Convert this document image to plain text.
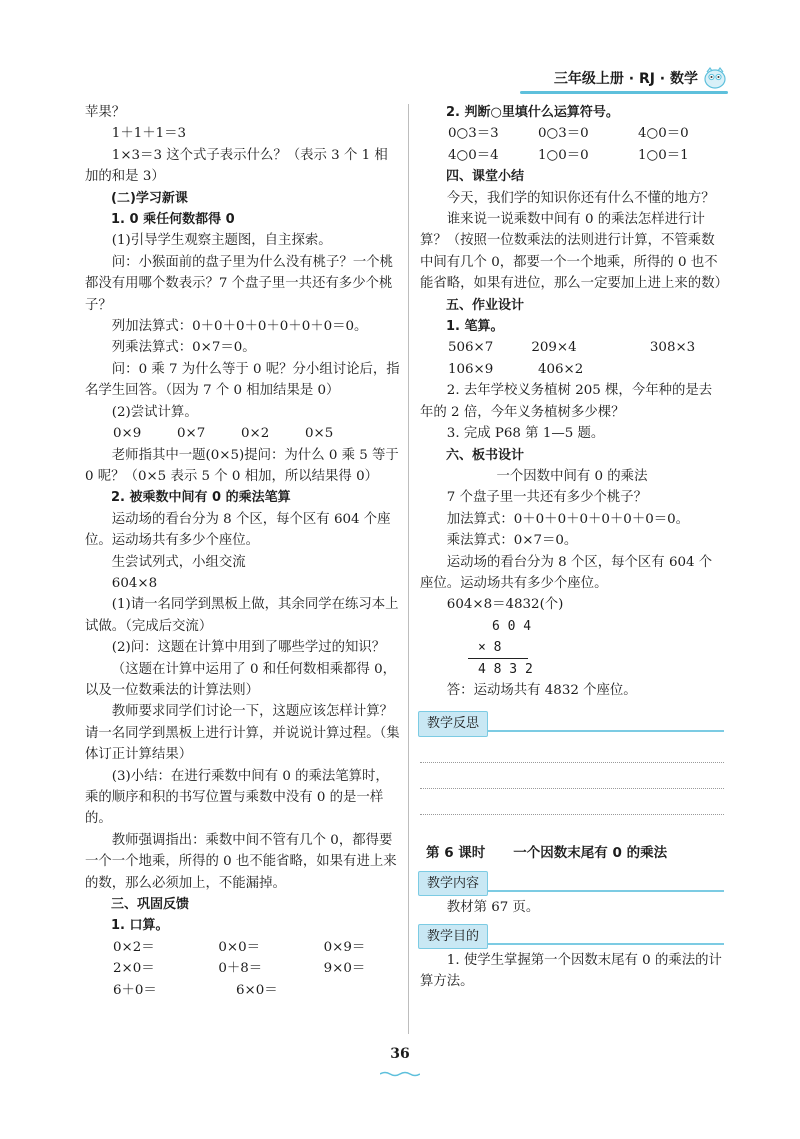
三年级上册 · RJ · 数学

苹果？

1＋1＋1＝3

1×3＝3 这个式子表示什么？（表示 3 个 1 相加的和是 3）

(二)学习新课

1. 0 乘任何数都得 0

(1)引导学生观察主题图，自主探索。

问：小猴面前的盘子里为什么没有桃子？一个桃都没有用哪个数表示？7 个盘子里一共还有多少个桃子？

列加法算式：0＋0＋0＋0＋0＋0＋0＝0。

列乘法算式：0×7＝0。

问：0 乘 7 为什么等于 0 呢？分小组讨论后，指名学生回答。（因为 7 个 0 相加结果是 0）

(2)尝试计算。

0×9	0×7	0×2	0×5

老师指其中一题(0×5)提问：为什么 0 乘 5 等于 0 呢？（0×5 表示 5 个 0 相加，所以结果得 0）

2. 被乘数中间有 0 的乘法笔算

运动场的看台分为 8 个区，每个区有 604 个座位。运动场共有多少个座位。

生尝试列式，小组交流

604×8

(1)请一名同学到黑板上做，其余同学在练习本上试做。（完成后交流）

(2)问：这题在计算中用到了哪些学过的知识？

（这题在计算中运用了 0 和任何数相乘都得 0，以及一位数乘法的计算法则）

教师要求同学们讨论一下，这题应该怎样计算？请一名同学到黑板上进行计算，并说说计算过程。（集体订正计算结果）

(3)小结：在进行乘数中间有 0 的乘法笔算时，乘的顺序和积的书写位置与乘数中没有 0 的是一样的。

教师强调指出：乘数中间不管有几个 0，都得要一个一个地乘，所得的 0 也不能省略，如果有进上来的数，那么必须加上，不能漏掉。

三、巩固反馈

1. 口算。

0×2＝	0×0＝	0×9＝
2×0＝	0＋8＝	9×0＝
6＋0＝	6×0＝

2. 判断○里填什么运算符号。

0○3＝3	0○3＝0	4○0＝0
4○0＝4	1○0＝0	1○0＝1

四、课堂小结

今天，我们学的知识你还有什么不懂的地方？

谁来说一说乘数中间有 0 的乘法怎样进行计算？（按照一位数乘法的法则进行计算，不管乘数中间有几个 0，都要一个一个地乘，所得的 0 也不能省略，如果有进位，那么一定要加上进上来的数）

五、作业设计

1. 笔算。

506×7	209×4	308×3
106×9	406×2

2. 去年学校义务植树 205 棵，今年种的是去年的 2 倍，今年义务植树多少棵？

3. 完成 P68 第 1—5 题。

六、板书设计

一个因数中间有 0 的乘法

7 个盘子里一共还有多少个桃子？

加法算式：0＋0＋0＋0＋0＋0＋0＝0。

乘法算式：0×7＝0。

运动场的看台分为 8 个区，每个区有 604 个座位。运动场共有多少个座位。

604×8＝4832(个)

6 0 4

× 8

4 8 3 2

答：运动场共有 4832 个座位。

教学反思

第 6 课时 一个因数末尾有 0 的乘法

教学内容

教材第 67 页。

教学目的

1. 使学生掌握第一个因数末尾有 0 的乘法的计算方法。

36
